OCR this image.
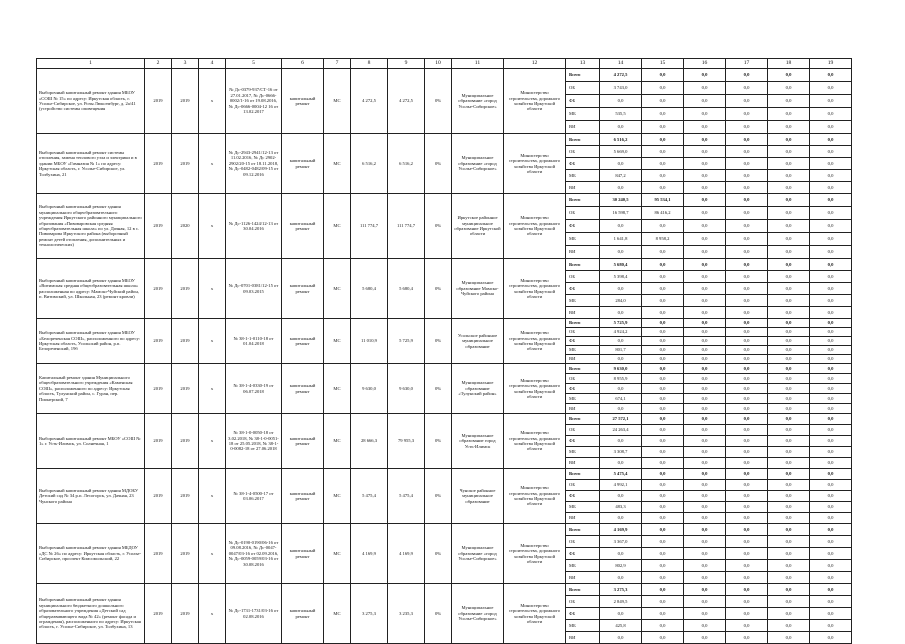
1	2	3	4	5	6	7	8	9	10	11	12	13	14	15	16	17	18	19
Выборочный капитальный ремонт здания МБОУ «СОШ № 15» по адресу: Иркутская область, г. Усолье-Сибирское, ул. Розы Люксембург, д. 2а/41 (устройство системы оповещения	2019	2019	х	№ Дс-0379-937/СТ-16 от 27.01.2017, № Дс-0666-0002/1-16 от 19.08.2016, № Дс-0666-0004-12 16 от 13.02.2017	капитальный ремонт	МС	4 272,5	4 272,5	0%	Муниципальное образование «город Усолье-Сибирское»	Министерство строительства, дорожного хозяйства Иркутской области	Всего	4 272,5	0,0	0,0	0,0	0,0	0,0
												ОБ	3 743,0	0,0	0,0	0,0	0,0	0,0
												ФБ	0,0	0,0	0,0	0,0	0,0	0,0
												МБ	535,5	0,0	0,0	0,0	0,0	0,0
												ВИ	0,0	0,0	0,0	0,0	0,0	0,0
Выборочный капитальный ремонт системы отопления, замена теплового узла и электрики и в здании МБОУ «Гимназия № 1» по адресу: Иркутская область, г. Усолье-Сибирское, ул. Толбухина, 21	2019	2019	х	№ Дс-2943-2941/12-13 от 11.02.2016, № Дс 2902-2902/20-15 от 18.11.2018, № Дс-0482-0482/09-15 от 09.12.2016	капитальный ремонт	МС	6 516,2	6 516,2	0%	Муниципальное образование «город Усолье-Сибирское»	Министерство строительства, дорожного хозяйства Иркутской области	Всего	6 516,2	0,0	0,0	0,0	0,0	0,0
												ОБ	5 669,0	0,0	0,0	0,0	0,0	0,0
												ФБ	0,0	0,0	0,0	0,0	0,0	0,0
												МБ	847,2	0,0	0,0	0,0	0,0	0,0
												ВИ	0,0	0,0	0,0	0,0	0,0	0,0
Выборочный капитальный ремонт здания муниципального общеобразовательного учреждения Иркутского районного муниципального образования «Пивоваровская средняя общеобразовательная школа» по ул. Дачная, 12 в с. Пивоварова Иркутского района (выборочный ремонт детей отопления, дополнительных и технологических)	2019	2020	х	№ Дс-1126-1424/12-13 от 30.04.2016	капитальный ремонт	МС	111 774,7	111 774,7	0%	Иркутское районное муниципальное образование Иркутской области	Министерство строительства, дорожного хозяйства Иркутской области	Всего	30 240,5	95 534,1	0,0	0,0	0,0	0,0
												ОБ	16 598,7	86 416,2	0,0	0,0	0,0	0,0
												ФБ	0,0	0,0	0,0	0,0	0,0	0,0
												МБ	1 641,8	8 958,2	0,0	0,0	0,0	0,0
												ВИ	0,0	0,0	0,0	0,0	0,0	0,0
Выборочный капитальный ремонт здания МБОУ «Витимская средняя общеобразовательная школа» расположенная по адресу: Мамско-Чуйский район, п. Витимский, ул. Школьная, 23 (ремонт кровли)	2019	2019	х	№ Дс-0701-0381/12-15 от 09.03.2015	капитальный ремонт	МС	5 680,4	5 680,4	0%	Муниципальное образование Мамско-Чуйского района	Министерство строительства, дорожного хозяйства Иркутской области	Всего	5 680,4	0,0	0,0	0,0	0,0	0,0
												ОБ	5 398,4	0,0	0,0	0,0	0,0	0,0
												ФБ	0,0	0,0	0,0	0,0	0,0	0,0
												МБ	284,0	0,0	0,0	0,0	0,0	0,0
												ВИ	0,0	0,0	0,0	0,0	0,0	0,0
Выборочный капитальный ремонт здания МБОУ «Белореченская СОШ», расположенного по адресу: Иркутская область, Усольский район, р.п. Белореченский, 19б	2019	2019	х	№ 38-1-1-0110-18 от 01.04.2018	капитальный ремонт	МС	11 010,9	5 725,9	0%	Усольское районное муниципальное образование	Министерство строительства, дорожного хозяйства Иркутской области	Всего	5 725,9	0,0	0,0	0,0	0,0	0,0
												ОБ	4 924,2	0,0	0,0	0,0	0,0	0,0
												ФБ	0,0	0,0	0,0	0,0	0,0	0,0
												МБ	801,7	0,0	0,0	0,0	0,0	0,0
												ВИ	0,0	0,0	0,0	0,0	0,0	0,0
Капитальный ремонт здания Муниципального общеобразовательного учреждения «Каменская СОШ», расположенного по адресу: Иркутская область, Тулунский район, с. Гуран, пер. Пионерский, 7	2019	2019	х	№ 38-1-4-0330-19 от 06.07.2018	капитальный ремонт	МС	9 630,0	9 630,0	0%	Муниципальное образование «Тулунский район»	Министерство строительства, дорожного хозяйства Иркутской области	Всего	9 630,0	0,0	0,0	0,0	0,0	0,0
												ОБ	8 955,9	0,0	0,0	0,0	0,0	0,0
												ФБ	0,0	0,0	0,0	0,0	0,0	0,0
												МБ	674,1	0,0	0,0	0,0	0,0	0,0
												ВИ	0,0	0,0	0,0	0,0	0,0	0,0
Выборочный капитальный ремонт МБОУ «СОШ № 1» г. Усть-Илимск, ул. Солнечная, 1	2019	2019	х	№ 38-1-0-0050-18 от 3.02.2018, № 38-1-0-0051-18 от 25.05.2018, № 38-1-0-0082-18 от 27.06.2018	капитальный ремонт	МС	28 666,3	79 955,3	0%	Муниципальное образование город Усть-Илимск	Министерство строительства, дорожного хозяйства Иркутской области	Всего	27 572,1	0,0	0,0	0,0	0,0	0,0
												ОБ	24 263,4	0,0	0,0	0,0	0,0	0,0
												ФБ	0,0	0,0	0,0	0,0	0,0	0,0
												МБ	3 308,7	0,0	0,0	0,0	0,0	0,0
												ВИ	0,0	0,0	0,0	0,0	0,0	0,0
Выборочный капитальный ремонт здания МДОБУ Детский сад № 34 р.п. Лесогорск, ул. Дачная, 23 Чунского района	2019	2019	х	№ 38-1-4-0500-17 от 03.06.2017	капитальный ремонт	МС	5 475,4	5 475,4	0%	Чунское районное муниципальное образование	Министерство строительства, дорожного хозяйства Иркутской области	Всего	5 475,4	0,0	0,0	0,0	0,0	0,0
												ОБ	4 992,1	0,0	0,0	0,0	0,0	0,0
												ФБ	0,0	0,0	0,0	0,0	0,0	0,0
												МБ	483,3	0,0	0,0	0,0	0,0	0,0
												ВИ	0,0	0,0	0,0	0,0	0,0	0,0
Выборочный капитальный ремонт здания МБДОУ «ДС № 26» по адресу: Иркутская область, г. Усолье-Сибирское, проспект Комсомольский, 22	2019	2019	х	№ Дс-0190-0190/06-16 от 09.08.2016, № Дс-0047-0047/03-16 от 02.09.2016, № Дс-0059-0059/03-16 от 30.08.2016	капитальный ремонт	МС	4 169,9	4 169,9	0%	Муниципальное образование «город Усолье-Сибирское»	Министерство строительства, дорожного хозяйства Иркутской области	Всего	4 169,9	0,0	0,0	0,0	0,0	0,0
												ОБ	3 367,0	0,0	0,0	0,0	0,0	0,0
												ФБ	0,0	0,0	0,0	0,0	0,0	0,0
												МБ	802,9	0,0	0,0	0,0	0,0	0,0
												ВИ	0,0	0,0	0,0	0,0	0,0	0,0
Выборочный капитальный ремонт здания муниципального бюджетного дошкольного образовательного учреждения «Детский сад общеразвивающего вида № 42» (ремонт фасада и ограждения), расположенного по адресу: Иркутская область, г. Усолье-Сибирское, ул. Толбухина, 13	2019	2019	х	№ Дс-1731-1731/03-16 от 02.08.2016	капитальный ремонт	МС	3 275,3	3 235,3	0%	Муниципальное образование «город Усолье-Сибирское»	Министерство строительства, дорожного хозяйства Иркутской области	Всего	3 275,3	0,0	0,0	0,0	0,0	0,0
												ОБ	2 849,5	0,0	0,0	0,0	0,0	0,0
												ФБ	0,0	0,0	0,0	0,0	0,0	0,0
												МБ	425,8	0,0	0,0	0,0	0,0	0,0
												ВИ	0,0	0,0	0,0	0,0	0,0	0,0
